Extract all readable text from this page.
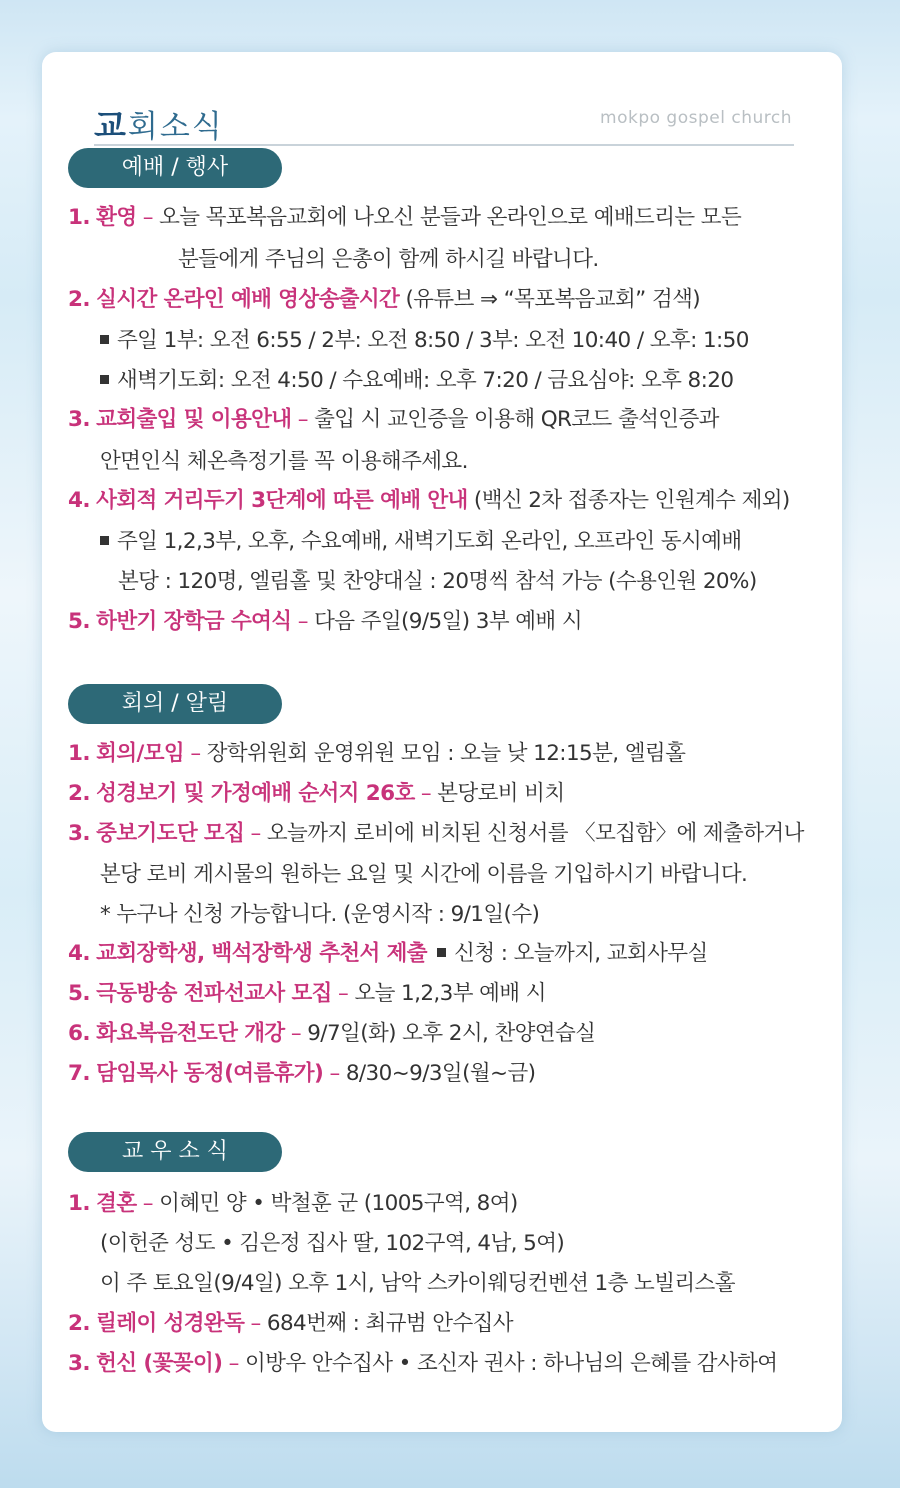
교회소식	mokpo gospel church
예배 / 행사
1. 환영 – 오늘 목포복음교회에 나오신 분들과 온라인으로 예배드리는 모든
분들에게 주님의 은총이 함께 하시길 바랍니다.
2. 실시간 온라인 예배 영상송출시간 (유튜브 ⇒ “목포복음교회” 검색)
주일 1부: 오전 6:55 / 2부: 오전 8:50 / 3부: 오전 10:40 / 오후: 1:50
새벽기도회: 오전 4:50 / 수요예배: 오후 7:20 / 금요심야: 오후 8:20
3. 교회출입 및 이용안내 – 출입 시 교인증을 이용해 QR코드 출석인증과
안면인식 체온측정기를 꼭 이용해주세요.
4. 사회적 거리두기 3단계에 따른 예배 안내 (백신 2차 접종자는 인원계수 제외)
주일 1,2,3부, 오후, 수요예배, 새벽기도회 온라인, 오프라인 동시예배
본당 : 120명, 엘림홀 및 찬양대실 : 20명씩 참석 가능 (수용인원 20%)
5. 하반기 장학금 수여식 – 다음 주일(9/5일) 3부 예배 시
회의 / 알림
1. 회의/모임 – 장학위원회 운영위원 모임 : 오늘 낮 12:15분, 엘림홀
2. 성경보기 및 가정예배 순서지 26호 – 본당로비 비치
3. 중보기도단 모집 – 오늘까지 로비에 비치된 신청서를 〈모집함〉에 제출하거나
본당 로비 게시물의 원하는 요일 및 시간에 이름을 기입하시기 바랍니다.
* 누구나 신청 가능합니다. (운영시작 : 9/1일(수)
4. 교회장학생, 백석장학생 추천서 제출 신청 : 오늘까지, 교회사무실
5. 극동방송 전파선교사 모집 – 오늘 1,2,3부 예배 시
6. 화요복음전도단 개강 – 9/7일(화) 오후 2시, 찬양연습실
7. 담임목사 동정(여름휴가) – 8/30~9/3일(월~금)
교 우 소 식
1. 결혼 – 이혜민 양 • 박철훈 군 (1005구역, 8여)
(이헌준 성도 • 김은정 집사 딸, 102구역, 4남, 5여)
이 주 토요일(9/4일) 오후 1시, 남악 스카이웨딩컨벤션 1층 노빌리스홀
2. 릴레이 성경완독 – 684번째 : 최규범 안수집사
3. 헌신 (꽃꽂이) – 이방우 안수집사 • 조신자 권사 : 하나님의 은혜를 감사하여
